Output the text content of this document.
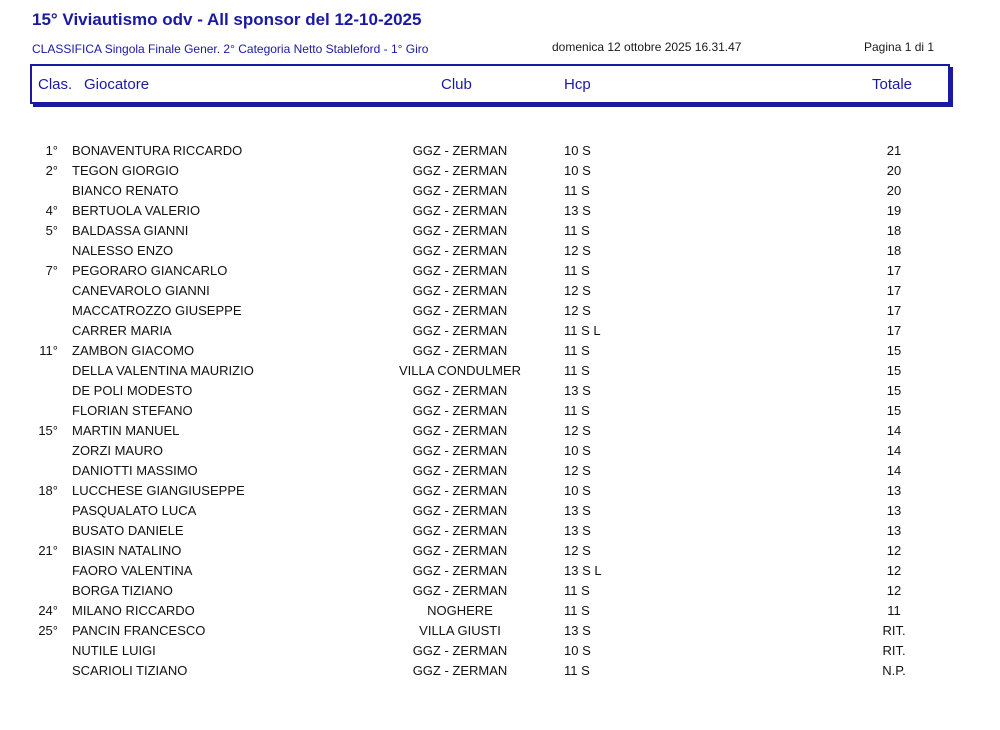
15° Viviautismo odv - All sponsor del 12-10-2025
CLASSIFICA Singola Finale Gener. 2° Categoria Netto Stableford - 1° Giro	domenica 12 ottobre 2025 16.31.47	Pagina 1 di 1
Clas. Giocatore	Club	Hcp	Totale
1° BONAVENTURA RICCARDO	GGZ - ZERMAN	10 S	21
2° TEGON GIORGIO	GGZ - ZERMAN	10 S	20
BIANCO RENATO	GGZ - ZERMAN	11 S	20
4° BERTUOLA VALERIO	GGZ - ZERMAN	13 S	19
5° BALDASSA GIANNI	GGZ - ZERMAN	11 S	18
NALESSO ENZO	GGZ - ZERMAN	12 S	18
7° PEGORARO GIANCARLO	GGZ - ZERMAN	11 S	17
CANEVAROLO GIANNI	GGZ - ZERMAN	12 S	17
MACCATROZZO GIUSEPPE	GGZ - ZERMAN	12 S	17
CARRER MARIA	GGZ - ZERMAN	11 S L	17
11° ZAMBON GIACOMO	GGZ - ZERMAN	11 S	15
DELLA VALENTINA MAURIZIO	VILLA CONDULMER	11 S	15
DE POLI MODESTO	GGZ - ZERMAN	13 S	15
FLORIAN STEFANO	GGZ - ZERMAN	11 S	15
15° MARTIN MANUEL	GGZ - ZERMAN	12 S	14
ZORZI MAURO	GGZ - ZERMAN	10 S	14
DANIOTTI MASSIMO	GGZ - ZERMAN	12 S	14
18° LUCCHESE GIANGIUSEPPE	GGZ - ZERMAN	10 S	13
PASQUALATO LUCA	GGZ - ZERMAN	13 S	13
BUSATO DANIELE	GGZ - ZERMAN	13 S	13
21° BIASIN NATALINO	GGZ - ZERMAN	12 S	12
FAORO VALENTINA	GGZ - ZERMAN	13 S L	12
BORGA TIZIANO	GGZ - ZERMAN	11 S	12
24° MILANO RICCARDO	NOGHERE	11 S	11
25° PANCIN FRANCESCO	VILLA GIUSTI	13 S	RIT.
NUTILE LUIGI	GGZ - ZERMAN	10 S	RIT.
SCARIOLI TIZIANO	GGZ - ZERMAN	11 S	N.P.
